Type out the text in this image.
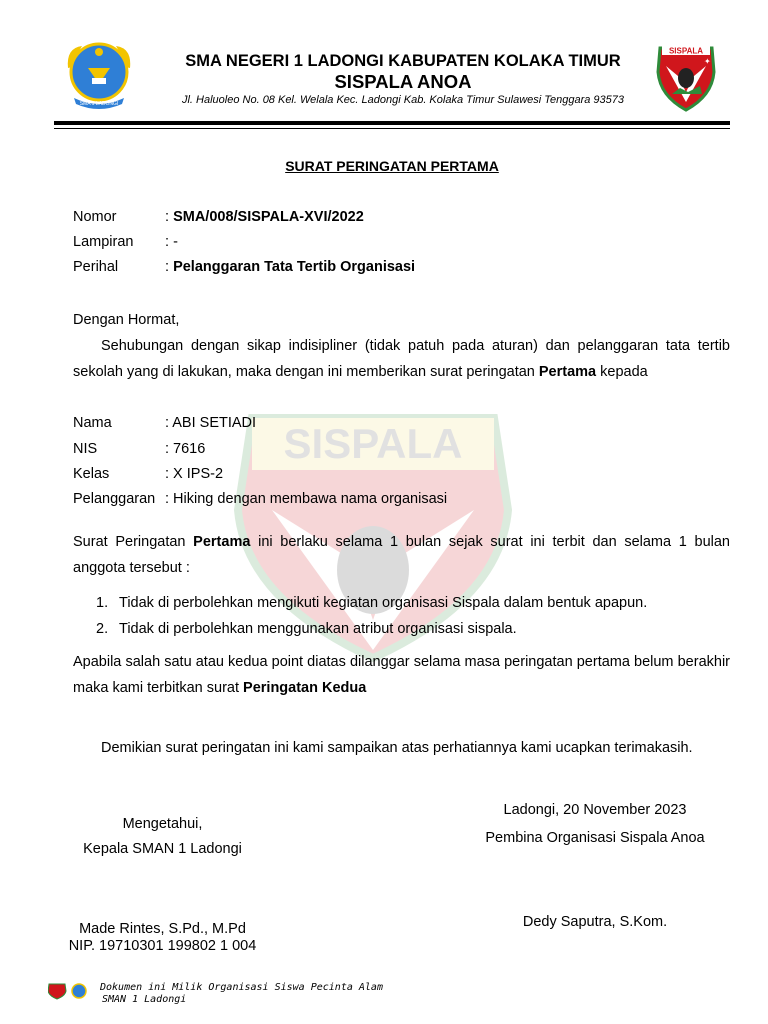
SISPALA
SMA 1 LADONGI
SISPALA
✦
SMA NEGERI 1 LADONGI KABUPATEN KOLAKA TIMUR
SISPALA ANOA
Jl. Haluoleo No. 08 Kel. Welala Kec. Ladongi Kab. Kolaka Timur Sulawesi Tenggara 93573
SURAT PERINGATAN PERTAMA
Nomor	: SMA/008/SISPALA-XVI/2022
Lampiran : -
Perihal	: Pelanggaran Tata Tertib Organisasi
Dengan Hormat,
Sehubungan dengan sikap indisipliner (tidak patuh pada aturan) dan pelanggaran tata tertib sekolah yang di lakukan, maka dengan ini memberikan surat peringatan Pertama kepada
Nama	: ABI SETIADI
NIS	: 7616
Kelas	: X IPS-2
Pelanggaran : Hiking dengan membawa nama organisasi
Surat Peringatan Pertama ini berlaku selama 1 bulan sejak surat ini terbit dan selama 1 bulan anggota tersebut :
1. Tidak di perbolehkan mengikuti kegiatan organisasi Sispala dalam bentuk apapun.
2. Tidak di perbolehkan menggunakan atribut organisasi sispala.
Apabila salah satu atau kedua point diatas dilanggar selama masa peringatan pertama belum berakhir maka kami terbitkan surat Peringatan Kedua
Demikian surat peringatan ini kami sampaikan atas perhatiannya kami ucapkan terimakasih.
Mengetahui,
Kepala SMAN 1 Ladongi
Made Rintes, S.Pd., M.Pd
NIP. 19710301 199802 1 004
Ladongi, 20 November 2023
Pembina Organisasi Sispala Anoa
Dedy Saputra, S.Kom.
Dokumen ini Milik Organisasi Siswa Pecinta Alam
SMAN 1 Ladongi
